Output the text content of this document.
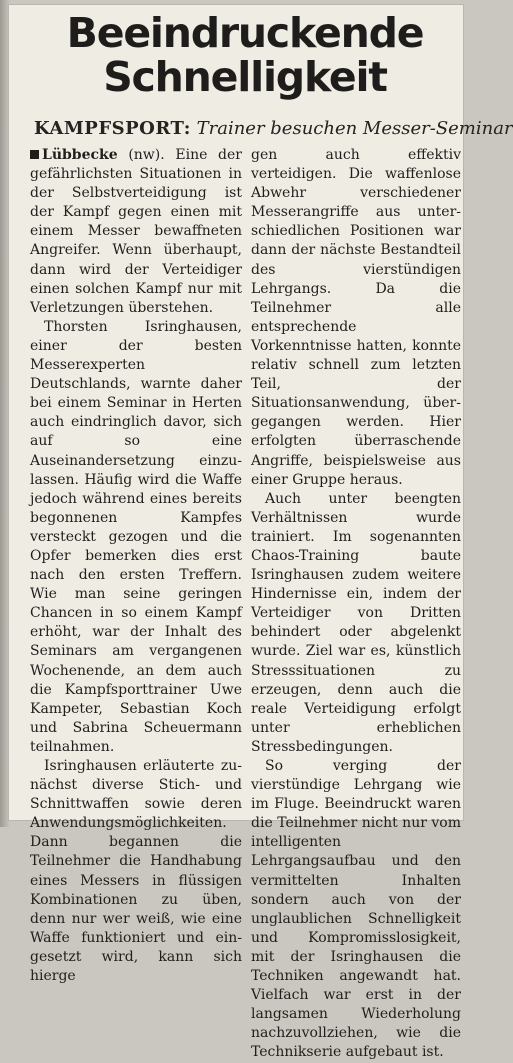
Beeindruckende
Schnelligkeit

KAMPFSPORT: Trainer besuchen Messer-Seminar

Lübbecke (nw). Eine der gefährlichsten Situationen in der Selbstverteidigung ist der Kampf gegen einen mit einem Messer bewaffneten Angreifer. Wenn überhaupt, dann wird der Verteidiger einen solchen Kampf nur mit Verletzungen überstehen.

Thorsten Isringhausen, einer der besten Messerexperten Deutschlands, warnte daher bei einem Seminar in Herten auch eindringlich davor, sich auf so eine Auseinandersetzung einzulassen. Häufig wird die Waffe jedoch während eines bereits begonnenen Kampfes versteckt gezogen und die Opfer bemerken dies erst nach den ersten Treffern. Wie man seine geringen Chancen in so einem Kampf erhöht, war der Inhalt des Seminars am vergangenen Wochenende, an dem auch die Kampfsporttrainer Uwe Kampeter, Sebastian Koch und Sabrina Scheuermann teilnahmen.

Isringhausen erläuterte zunächst diverse Stich- und Schnittwaffen sowie deren Anwendungsmöglichkeiten. Dann begannen die Teilnehmer die Handhabung eines Messers in flüssigen Kombinationen zu üben, denn nur wer weiß, wie eine Waffe funktioniert und eingesetzt wird, kann sich hierge

gen auch effektiv verteidigen. Die waffenlose Abwehr verschiedener Messerangriffe aus unterschiedlichen Positionen war dann der nächste Bestandteil des vierstündigen Lehrgangs. Da die Teilnehmer alle entsprechende Vorkenntnisse hatten, konnte relativ schnell zum letzten Teil, der Situationsanwendung, übergegangen werden. Hier erfolgten überraschende Angriffe, beispielsweise aus einer Gruppe heraus.

Auch unter beengten Verhältnissen wurde trainiert. Im sogenannten Chaos-Training baute Isringhausen zudem weitere Hindernisse ein, indem der Verteidiger von Dritten behindert oder abgelenkt wurde. Ziel war es, künstlich Stresssituationen zu erzeugen, denn auch die reale Verteidigung erfolgt unter erheblichen Stressbedingungen.

So verging der vierstündige Lehrgang wie im Fluge. Beeindruckt waren die Teilnehmer nicht nur vom intelligenten Lehrgangsaufbau und den vermittelten Inhalten sondern auch von der unglaublichen Schnelligkeit und Kompromisslosigkeit, mit der Isringhausen die Techniken angewandt hat. Vielfach war erst in der langsamen Wiederholung nachzuvollziehen, wie die Technikserie aufgebaut ist.
